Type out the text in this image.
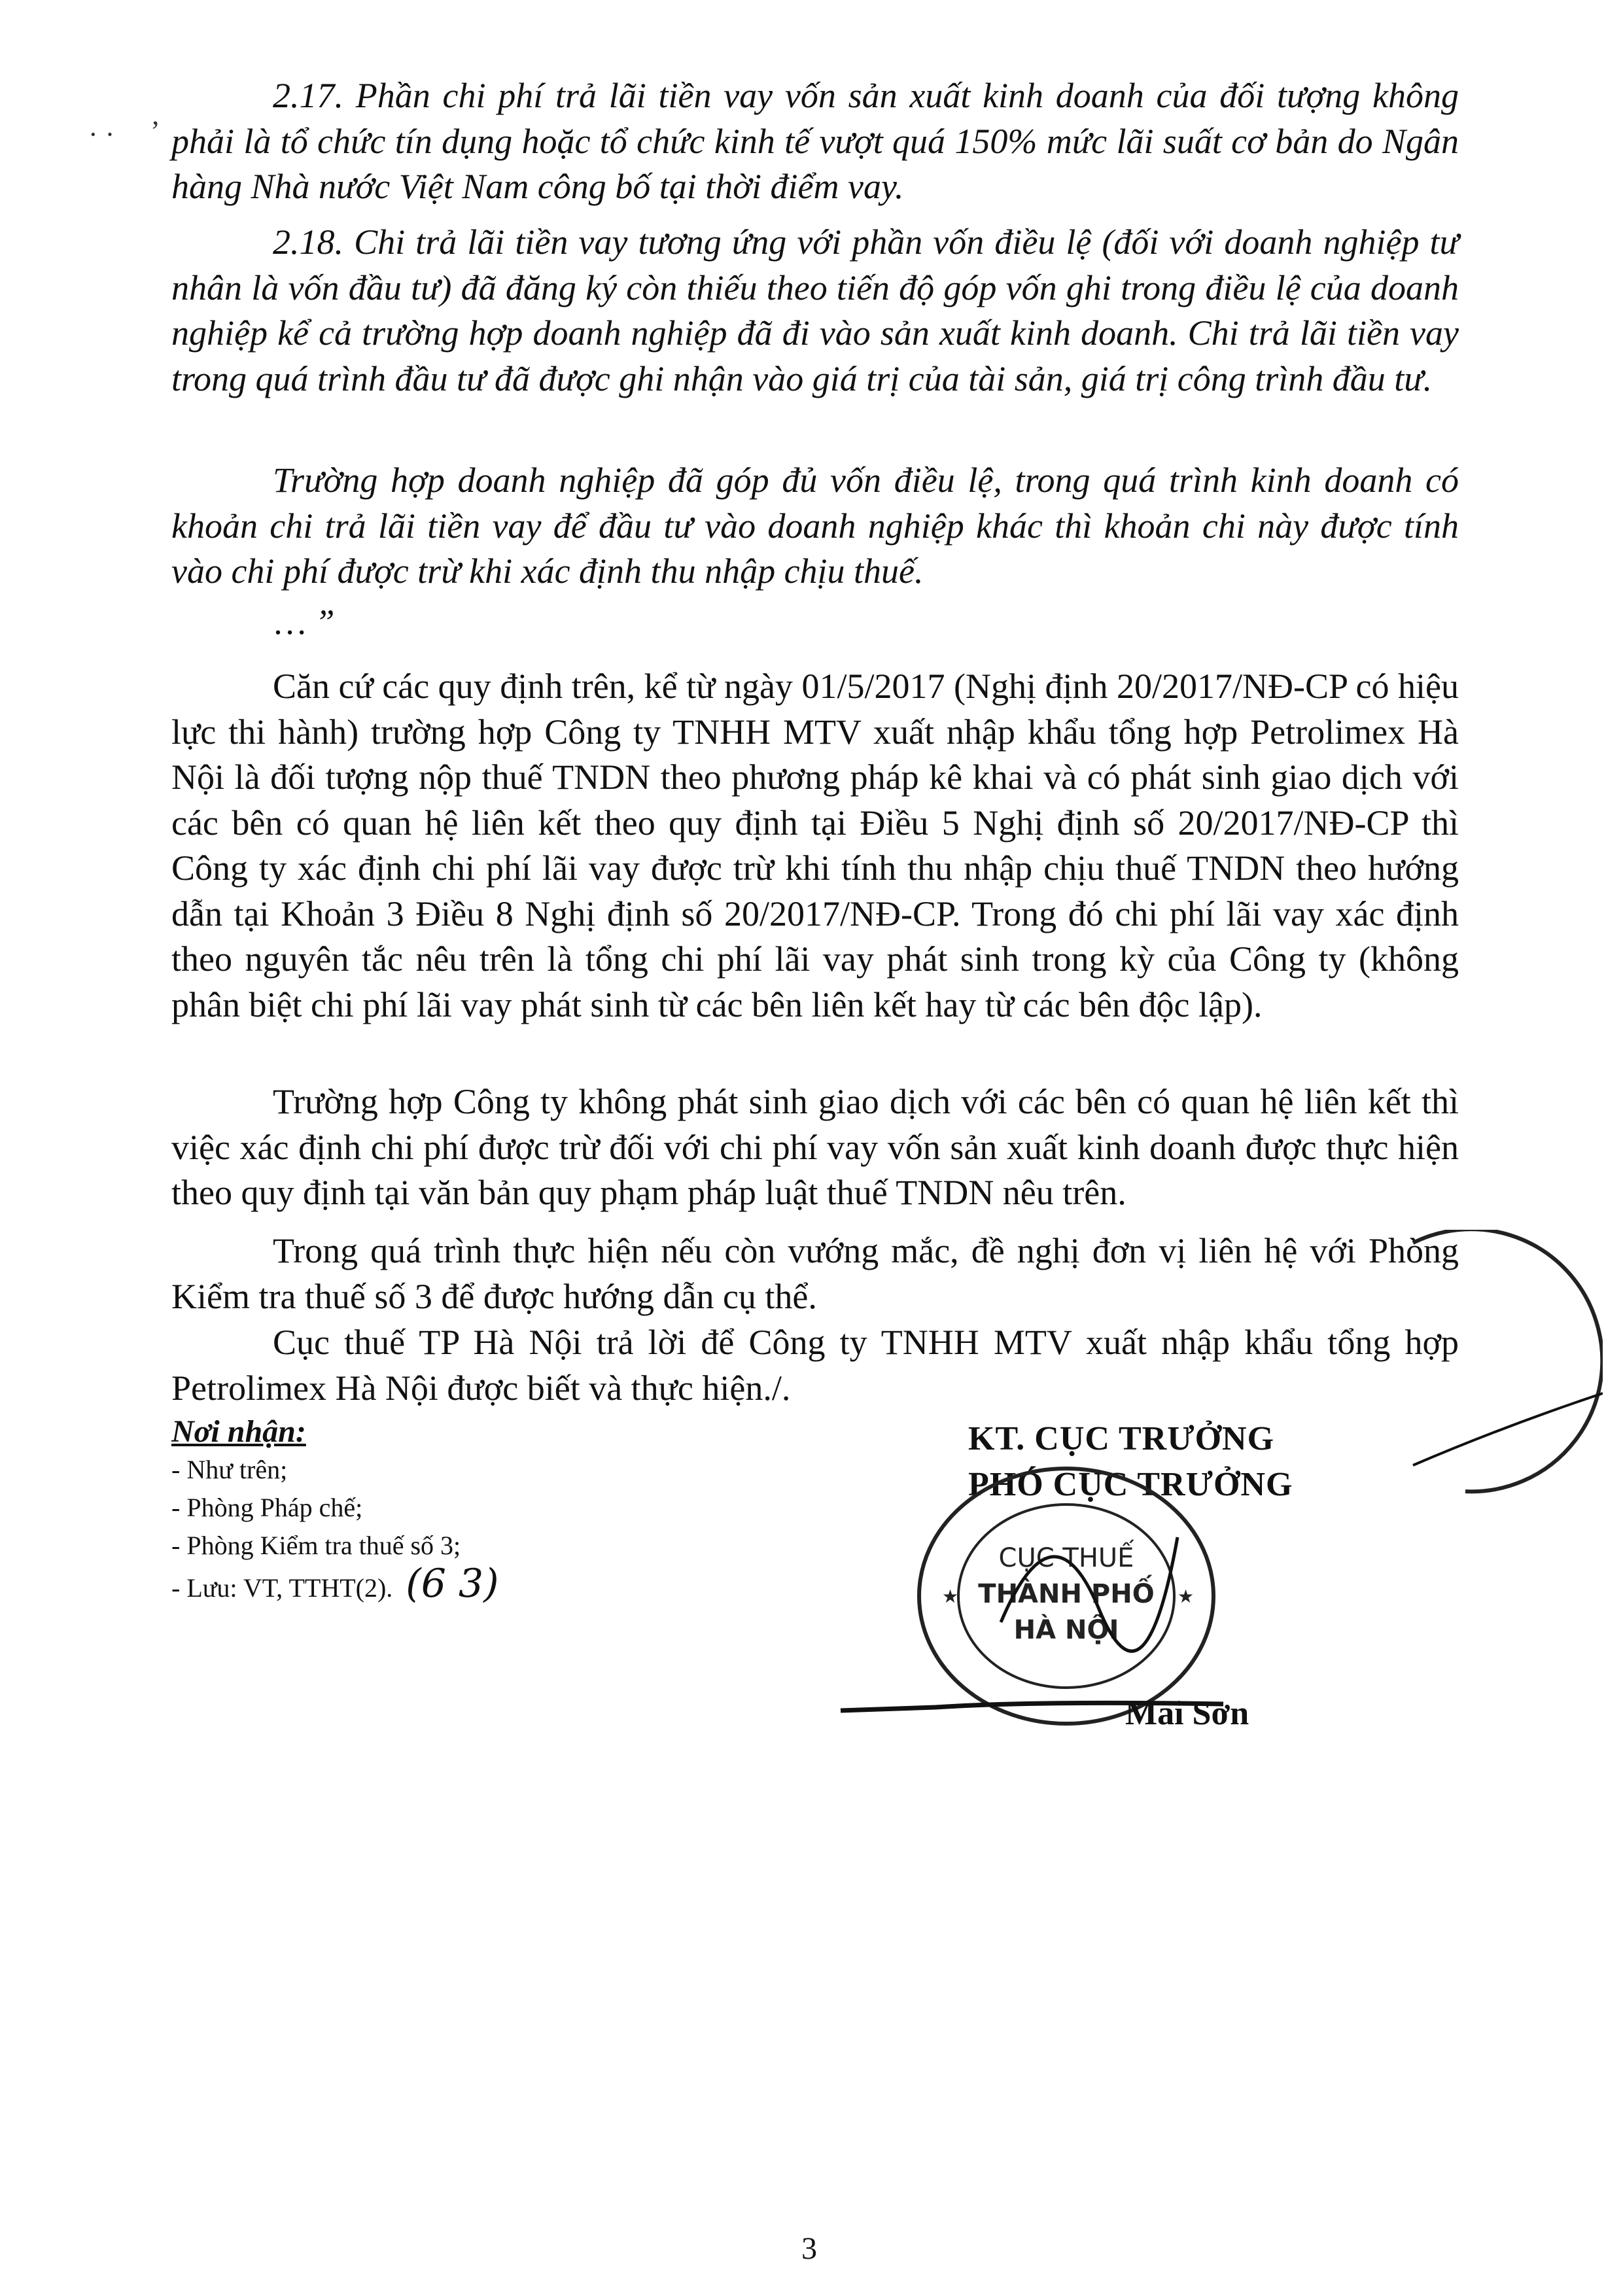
2.17. Phần chi phí trả lãi tiền vay vốn sản xuất kinh doanh của đối tượng không phải là tổ chức tín dụng hoặc tổ chức kinh tế vượt quá 150% mức lãi suất cơ bản do Ngân hàng Nhà nước Việt Nam công bố tại thời điểm vay.

2.18. Chi trả lãi tiền vay tương ứng với phần vốn điều lệ (đối với doanh nghiệp tư nhân là vốn đầu tư) đã đăng ký còn thiếu theo tiến độ góp vốn ghi trong điều lệ của doanh nghiệp kể cả trường hợp doanh nghiệp đã đi vào sản xuất kinh doanh. Chi trả lãi tiền vay trong quá trình đầu tư đã được ghi nhận vào giá trị của tài sản, giá trị công trình đầu tư.

Trường hợp doanh nghiệp đã góp đủ vốn điều lệ, trong quá trình kinh doanh có khoản chi trả lãi tiền vay để đầu tư vào doanh nghiệp khác thì khoản chi này được tính vào chi phí được trừ khi xác định thu nhập chịu thuế.

… ”

Căn cứ các quy định trên, kể từ ngày 01/5/2017 (Nghị định 20/2017/NĐ-CP có hiệu lực thi hành) trường hợp Công ty TNHH MTV xuất nhập khẩu tổng hợp Petrolimex Hà Nội là đối tượng nộp thuế TNDN theo phương pháp kê khai và có phát sinh giao dịch với các bên có quan hệ liên kết theo quy định tại Điều 5 Nghị định số 20/2017/NĐ-CP thì Công ty xác định chi phí lãi vay được trừ khi tính thu nhập chịu thuế TNDN theo hướng dẫn tại Khoản 3 Điều 8 Nghị định số 20/2017/NĐ-CP. Trong đó chi phí lãi vay xác định theo nguyên tắc nêu trên là tổng chi phí lãi vay phát sinh trong kỳ của Công ty (không phân biệt chi phí lãi vay phát sinh từ các bên liên kết hay từ các bên độc lập).

Trường hợp Công ty không phát sinh giao dịch với các bên có quan hệ liên kết thì việc xác định chi phí được trừ đối với chi phí vay vốn sản xuất kinh doanh được thực hiện theo quy định tại văn bản quy phạm pháp luật thuế TNDN nêu trên.

Trong quá trình thực hiện nếu còn vướng mắc, đề nghị đơn vị liên hệ với Phòng Kiểm tra thuế số 3 để được hướng dẫn cụ thể.

Cục thuế TP Hà Nội trả lời để Công ty TNHH MTV xuất nhập khẩu tổng hợp Petrolimex Hà Nội được biết và thực hiện./.

· · ʼ
Nơi nhận:
- Như trên;
- Phòng Pháp chế;
- Phòng Kiểm tra thuế số 3;
- Lưu: VT, TTHT(2). (6 3)
KT. CỤC TRƯỞNG
PHÓ CỤC TRƯỞNG
CỤC THUẾ
THÀNH PHỐ
HÀ NỘI
★	★
Mai Sơn
3
